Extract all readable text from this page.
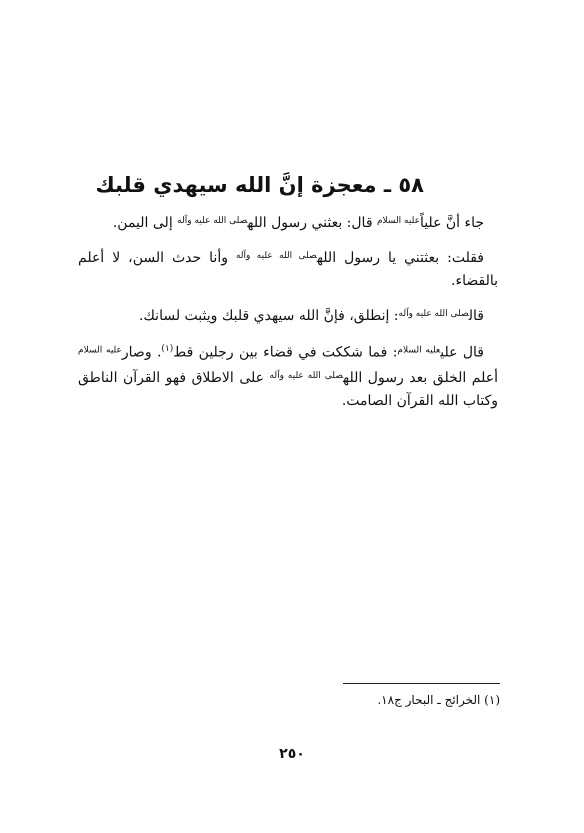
٥٨ ـ معجزة إنَّ الله سيهدي قلبك

جاء أنَّ علياً$^{عليه السلام}$ قال: بعثني رسول الله$^{صلى الله عليه وآله}$ إلى اليمن.

فقلت: بعثتني يا رسول الله$^{صلى الله عليه وآله}$ وأنا حدث السن، لا أعلم بالقضاء.

قال$^{صلى الله عليه وآله}$: إنطلق، فإنَّ الله سيهدي قلبك ويثبت لسانك.

قال علي$^{عليه السلام}$: فما شككت في قضاء بين رجلين قط$^{(١)}$. وصار$^{عليه السلام}$ أعلم الخلق بعد رسول الله$^{صلى الله عليه وآله}$ على الاطلاق فهو القرآن الناطق وكتاب الله القرآن الصامت.

(١) الخرائج ـ البحار ج١٨.
٢٥٠
